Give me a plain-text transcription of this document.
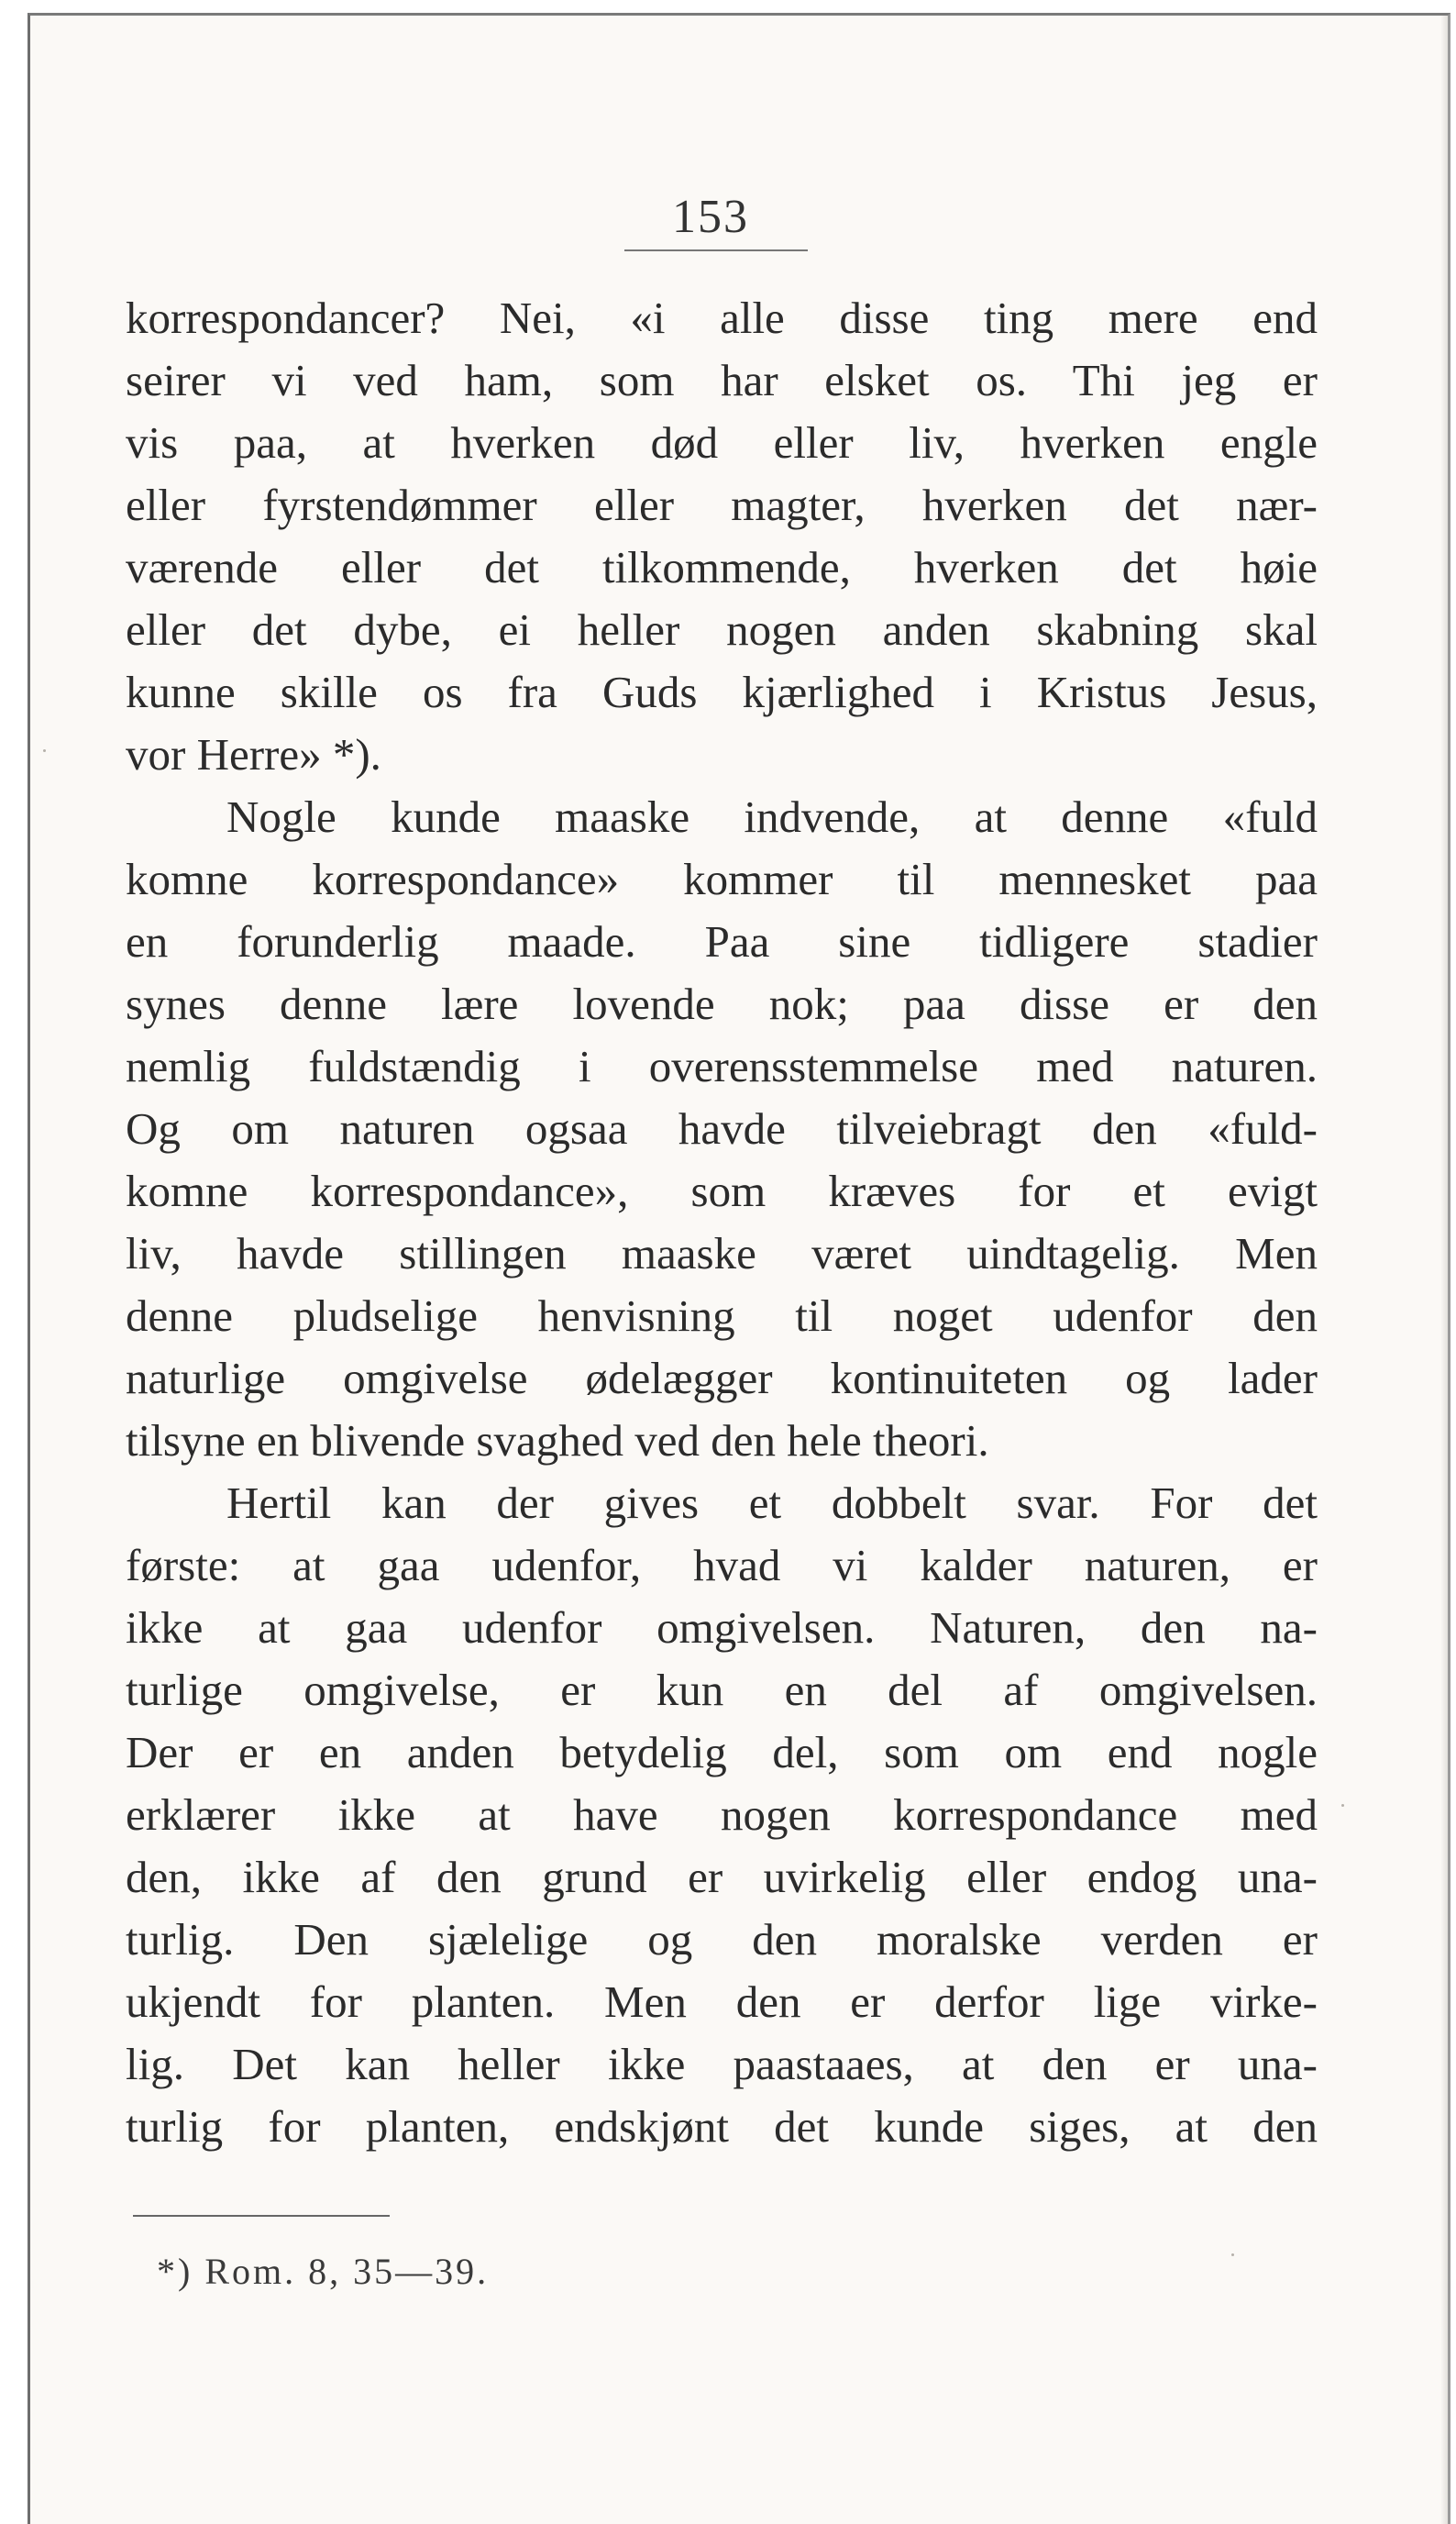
153
korrespondancer? Nei, «i alle disse ting mere end
seirer vi ved ham, som har elsket os. Thi jeg er
vis paa, at hverken død eller liv, hverken engle
eller fyrstendømmer eller magter, hverken det nær-
værende eller det tilkommende, hverken det høie
eller det dybe, ei heller nogen anden skabning skal
kunne skille os fra Guds kjærlighed i Kristus Jesus,
vor Herre» *).
Nogle kunde maaske indvende, at denne «fuld
komne korrespondance» kommer til mennesket paa
en forunderlig maade. Paa sine tidligere stadier
synes denne lære lovende nok; paa disse er den
nemlig fuldstændig i overensstemmelse med naturen.
Og om naturen ogsaa havde tilveiebragt den «fuld-
komne korrespondance», som kræves for et evigt
liv, havde stillingen maaske været uindtagelig. Men
denne pludselige henvisning til noget udenfor den
naturlige omgivelse ødelægger kontinuiteten og lader
tilsyne en blivende svaghed ved den hele theori.
Hertil kan der gives et dobbelt svar. For det
første: at gaa udenfor, hvad vi kalder naturen, er
ikke at gaa udenfor omgivelsen. Naturen, den na-
turlige omgivelse, er kun en del af omgivelsen.
Der er en anden betydelig del, som om end nogle
erklærer ikke at have nogen korrespondance med
den, ikke af den grund er uvirkelig eller endog una-
turlig. Den sjælelige og den moralske verden er
ukjendt for planten. Men den er derfor lige virke-
lig. Det kan heller ikke paastaaes, at den er una-
turlig for planten, endskjønt det kunde siges, at den
*) Rom. 8, 35—39.
